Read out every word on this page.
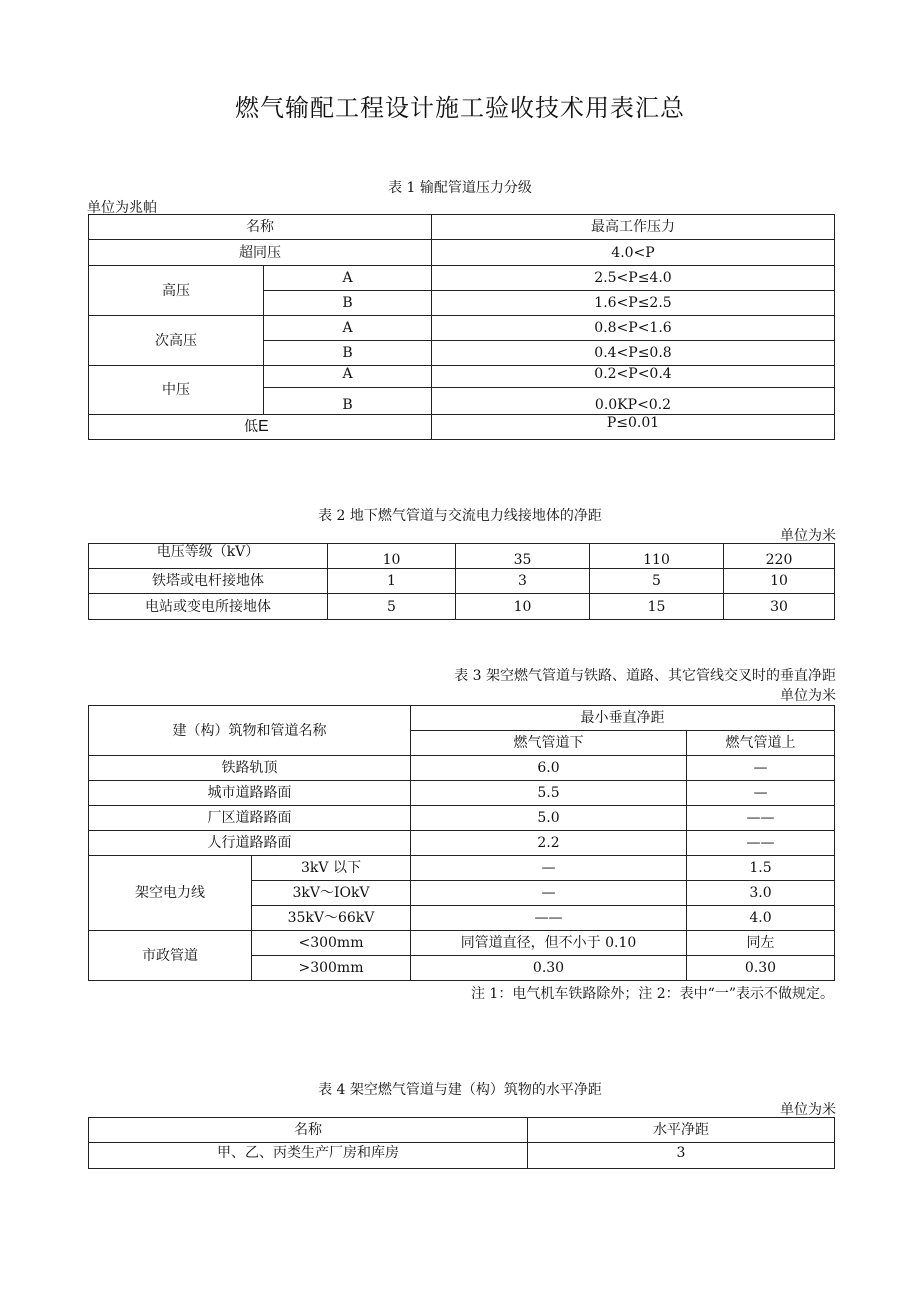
燃气输配工程设计施工验收技术用表汇总
表 1 输配管道压力分级
单位为兆帕
名称		最高工作压力
超同压		4.0<P
高压	A	2.5<P≤4.0
	B	1.6<P≤2.5
次高压	A	0.8<P<1.6
	B	0.4<P≤0.8
中压	A	0.2<P<0.4
	B	0.0KP<0.2
低E		P≤0.01
表 2 地下燃气管道与交流电力线接地体的净距
单位为米
电压等级（kV）	10	35	110	220
铁塔或电杆接地体	1	3	5	10
电站或变电所接地体	5	10	15	30
表 3 架空燃气管道与铁路、道路、其它管线交叉时的垂直净距
单位为米
建（构）筑物和管道名称		最小垂直净距	
		燃气管道下	燃气管道上
铁路轨顶		6.0	—
城市道路路面		5.5	—
厂区道路路面		5.0	——
人行道路路面		2.2	——
架空电力线	3kV 以下	—	1.5
	3kV～IOkV	—	3.0
	35kV～66kV	——	4.0
市政管道	<300mm	同管道直径，但不小于 0.10	同左
	>300mm	0.30	0.30
注 1：电气机车铁路除外；注 2：表中“一”表示不做规定。
表 4 架空燃气管道与建（构）筑物的水平净距
单位为米
名称	水平净距
甲、乙、丙类生产厂房和库房	3
